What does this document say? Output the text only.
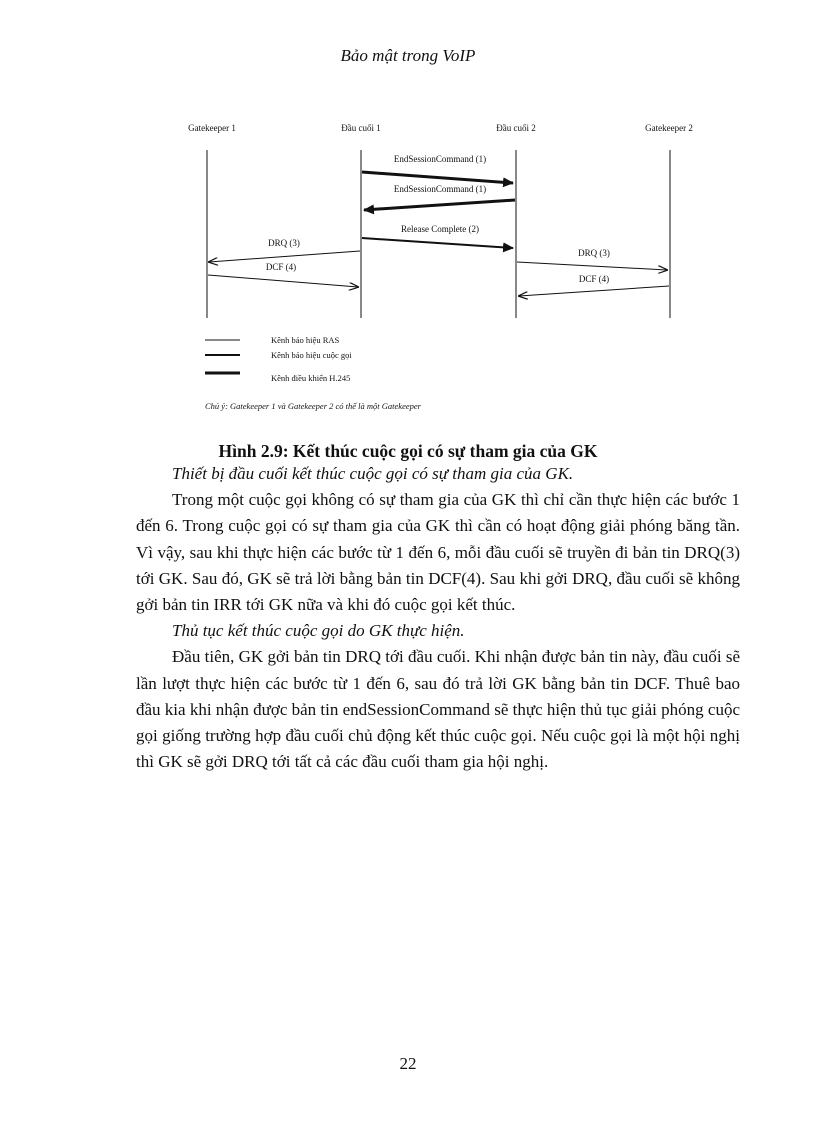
Bảo mật trong VoIP
Gatekeeper 1	Đầu cuối 1	Đầu cuối 2	Gatekeeper 2
EndSessionCommand (1)
EndSessionCommand (1)
Release Complete (2)
DRQ (3)
DCF (4)
DRQ (3)
DCF (4)
Kênh báo hiệu RAS
Kênh báo hiệu cuộc gọi
Kênh điều khiển H.245
Chú ý: Gatekeeper 1 và Gatekeeper 2 có thể là một Gatekeeper
Hình 2.9: Kết thúc cuộc gọi có sự tham gia của GK

Thiết bị đầu cuối kết thúc cuộc gọi có sự tham gia của GK.

Trong một cuộc gọi không có sự tham gia của GK thì chỉ cần thực hiện các bước 1 đến 6. Trong cuộc gọi có sự tham gia của GK thì cần có hoạt động giải phóng băng tần. Vì vậy, sau khi thực hiện các bước từ 1 đến 6, mỗi đầu cuối sẽ truyền đi bản tin DRQ(3) tới GK. Sau đó, GK sẽ trả lời bằng bản tin DCF(4). Sau khi gởi DRQ, đầu cuối sẽ không gởi bản tin IRR tới GK nữa và khi đó cuộc gọi kết thúc.

Thủ tục kết thúc cuộc gọi do GK thực hiện.

Đầu tiên, GK gởi bản tin DRQ tới đầu cuối. Khi nhận được bản tin này, đầu cuối sẽ lần lượt thực hiện các bước từ 1 đến 6, sau đó trả lời GK bằng bản tin DCF. Thuê bao đầu kia khi nhận được bản tin endSessionCommand sẽ thực hiện thủ tục giải phóng cuộc gọi giống trường hợp đầu cuối chủ động kết thúc cuộc gọi. Nếu cuộc gọi là một hội nghị thì GK sẽ gởi DRQ tới tất cả các đầu cuối tham gia hội nghị.

22
